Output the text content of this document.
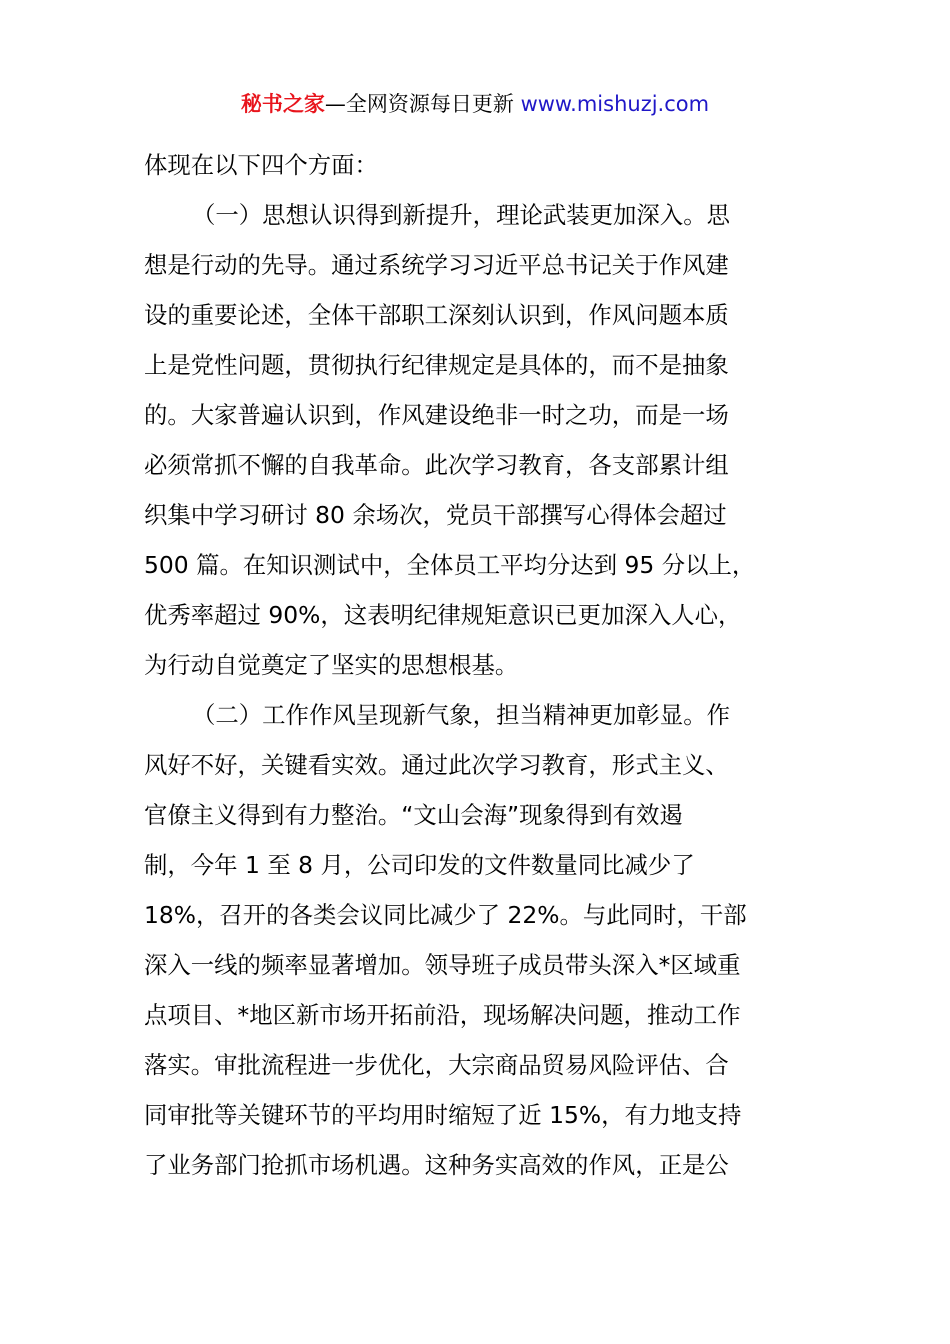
秘书之家—全网资源每日更新 www.mishuzj.com
体现在以下四个方面：
（一）思想认识得到新提升，理论武装更加深入。思
想是行动的先导。通过系统学习习近平总书记关于作风建
设的重要论述，全体干部职工深刻认识到，作风问题本质
上是党性问题，贯彻执行纪律规定是具体的，而不是抽象
的。大家普遍认识到，作风建设绝非一时之功，而是一场
必须常抓不懈的自我革命。此次学习教育，各支部累计组
织集中学习研讨 80 余场次，党员干部撰写心得体会超过
500 篇。在知识测试中，全体员工平均分达到 95 分以上，
优秀率超过 90%，这表明纪律规矩意识已更加深入人心，
为行动自觉奠定了坚实的思想根基。
（二）工作作风呈现新气象，担当精神更加彰显。作
风好不好，关键看实效。通过此次学习教育，形式主义、
官僚主义得到有力整治。“文山会海”现象得到有效遏
制，今年 1 至 8 月，公司印发的文件数量同比减少了
18%，召开的各类会议同比减少了 22%。与此同时，干部
深入一线的频率显著增加。领导班子成员带头深入*区域重
点项目、*地区新市场开拓前沿，现场解决问题，推动工作
落实。审批流程进一步优化，大宗商品贸易风险评估、合
同审批等关键环节的平均用时缩短了近 15%，有力地支持
了业务部门抢抓市场机遇。这种务实高效的作风，正是公
